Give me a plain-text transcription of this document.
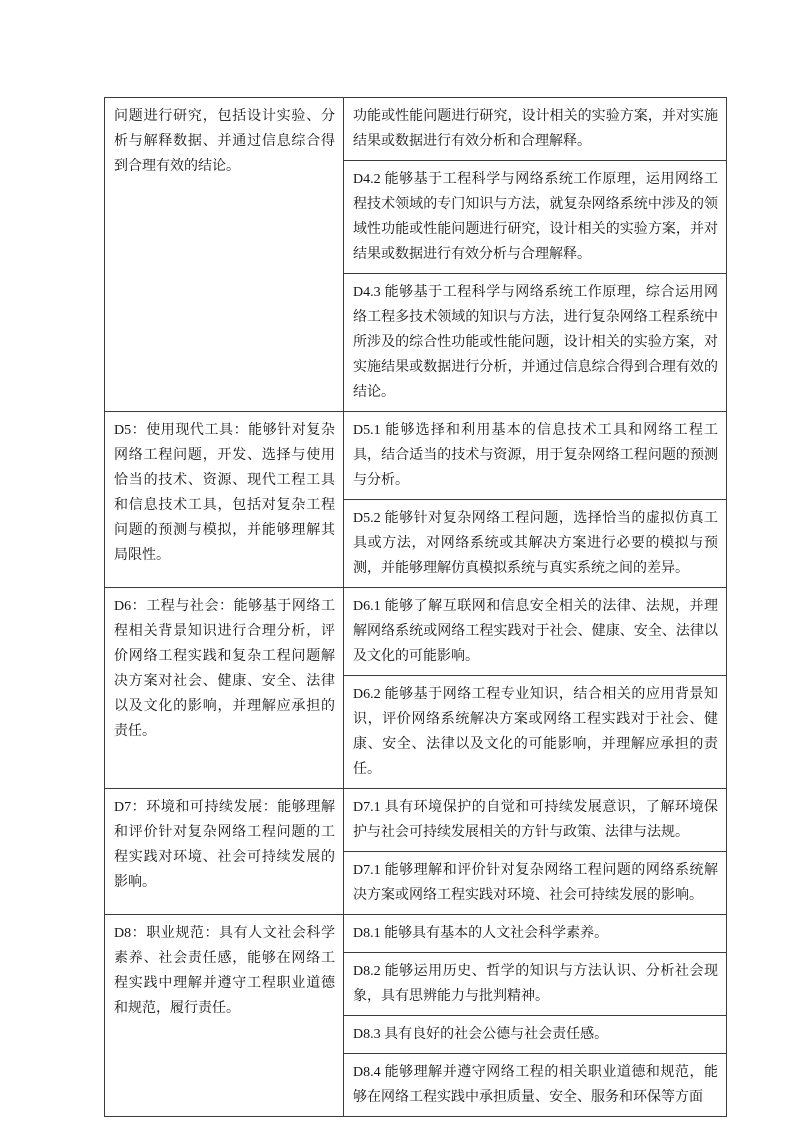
问题进行研究，包括设计实验、分析与解释数据、并通过信息综合得到合理有效的结论。	功能或性能问题进行研究，设计相关的实验方案，并对实施结果或数据进行有效分析和合理解释。
	D4.2 能够基于工程科学与网络系统工作原理，运用网络工程技术领域的专门知识与方法，就复杂网络系统中涉及的领域性功能或性能问题进行研究，设计相关的实验方案，并对结果或数据进行有效分析与合理解释。
	D4.3 能够基于工程科学与网络系统工作原理，综合运用网络工程多技术领域的知识与方法，进行复杂网络工程系统中所涉及的综合性功能或性能问题，设计相关的实验方案，对实施结果或数据进行分析，并通过信息综合得到合理有效的结论。
D5：使用现代工具：能够针对复杂网络工程问题，开发、选择与使用恰当的技术、资源、现代工程工具和信息技术工具，包括对复杂工程问题的预测与模拟，并能够理解其局限性。	D5.1 能够选择和利用基本的信息技术工具和网络工程工具，结合适当的技术与资源，用于复杂网络工程问题的预测与分析。
	D5.2 能够针对复杂网络工程问题，选择恰当的虚拟仿真工具或方法，对网络系统或其解决方案进行必要的模拟与预测，并能够理解仿真模拟系统与真实系统之间的差异。
D6：工程与社会：能够基于网络工程相关背景知识进行合理分析，评价网络工程实践和复杂工程问题解决方案对社会、健康、安全、法律以及文化的影响，并理解应承担的责任。	D6.1 能够了解互联网和信息安全相关的法律、法规，并理解网络系统或网络工程实践对于社会、健康、安全、法律以及文化的可能影响。
	D6.2 能够基于网络工程专业知识，结合相关的应用背景知识，评价网络系统解决方案或网络工程实践对于社会、健康、安全、法律以及文化的可能影响，并理解应承担的责任。
D7：环境和可持续发展：能够理解和评价针对复杂网络工程问题的工程实践对环境、社会可持续发展的影响。	D7.1 具有环境保护的自觉和可持续发展意识，了解环境保护与社会可持续发展相关的方针与政策、法律与法规。
	D7.1 能够理解和评价针对复杂网络工程问题的网络系统解决方案或网络工程实践对环境、社会可持续发展的影响。
D8：职业规范：具有人文社会科学素养、社会责任感，能够在网络工程实践中理解并遵守工程职业道德和规范，履行责任。	D8.1 能够具有基本的人文社会科学素养。
	D8.2 能够运用历史、哲学的知识与方法认识、分析社会现象，具有思辨能力与批判精神。
	D8.3 具有良好的社会公德与社会责任感。
	D8.4 能够理解并遵守网络工程的相关职业道德和规范，能够在网络工程实践中承担质量、安全、服务和环保等方面
